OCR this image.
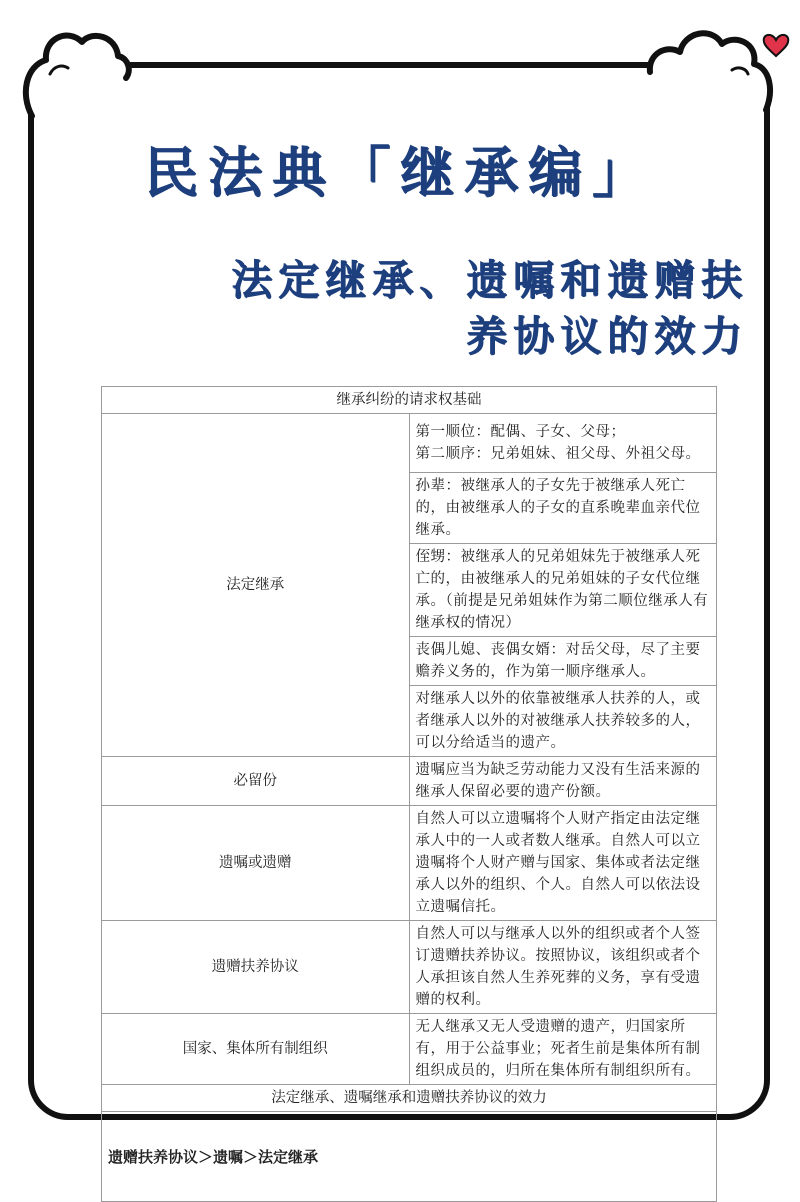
民法典「继承编」
法定继承、遗嘱和遗赠扶
养协议的效力
继承纠纷的请求权基础	
法定继承	第一顺位：配偶、子女、父母；
第二顺序：兄弟姐妹、祖父母、外祖父母。
	孙辈：被继承人的子女先于被继承人死亡的，由被继承人的子女的直系晚辈血亲代位继承。
	侄甥：被继承人的兄弟姐妹先于被继承人死亡的，由被继承人的兄弟姐妹的子女代位继承。（前提是兄弟姐妹作为第二顺位继承人有继承权的情况）
	丧偶儿媳、丧偶女婿：对岳父母，尽了主要赡养义务的，作为第一顺序继承人。
	对继承人以外的依靠被继承人扶养的人，或者继承人以外的对被继承人扶养较多的人，可以分给适当的遗产。
必留份	遗嘱应当为缺乏劳动能力又没有生活来源的继承人保留必要的遗产份额。
遗嘱或遗赠	自然人可以立遗嘱将个人财产指定由法定继承人中的一人或者数人继承。自然人可以立遗嘱将个人财产赠与国家、集体或者法定继承人以外的组织、个人。自然人可以依法设立遗嘱信托。
遗赠扶养协议	自然人可以与继承人以外的组织或者个人签订遗赠扶养协议。按照协议，该组织或者个人承担该自然人生养死葬的义务，享有受遗赠的权利。
国家、集体所有制组织	无人继承又无人受遗赠的遗产，归国家所有，用于公益事业；死者生前是集体所有制组织成员的，归所在集体所有制组织所有。
法定继承、遗嘱继承和遗赠扶养协议的效力	
遗赠扶养协议＞遗嘱＞法定继承	
